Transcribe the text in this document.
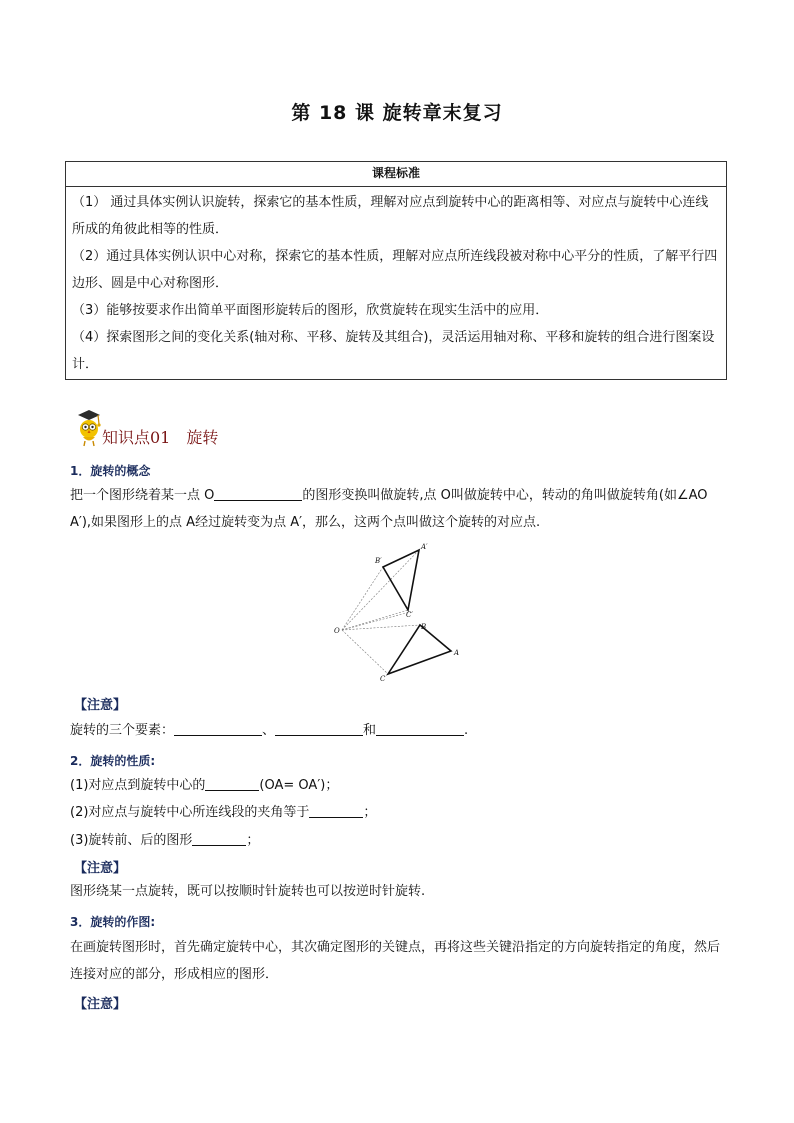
第 18 课 旋转章末复习
课程标准

（1） 通过具体实例认识旋转，探索它的基本性质，理解对应点到旋转中心的距离相等、对应点与旋转中心连线所成的角彼此相等的性质．

（2）通过具体实例认识中心对称，探索它的基本性质，理解对应点所连线段被对称中心平分的性质，了解平行四边形、圆是中心对称图形．

（3）能够按要求作出简单平面图形旋转后的图形，欣赏旋转在现实生活中的应用．

（4）探索图形之间的变化关系(轴对称、平移、旋转及其组合)，灵活运用轴对称、平移和旋转的组合进行图案设计．

知识点01 旋转
1．旋转的概念

把一个图形绕着某一点 O	的图形变换叫做旋转,点 O叫做旋转中心，转动的角叫做旋转角(如∠AO A′),如果图形上的点 A经过旋转变为点 A′，那么，这两个点叫做这个旋转的对应点.

O
A
B
C
A′
B′
C′
【注意】

旋转的三个要素：	、	和	.

2．旋转的性质:

(1)对应点到旋转中心的	(OA= OA′)；

(2)对应点与旋转中心所连线段的夹角等于	；

(3)旋转前、后的图形	；

【注意】

图形绕某一点旋转，既可以按顺时针旋转也可以按逆时针旋转.

3．旋转的作图:

在画旋转图形时，首先确定旋转中心，其次确定图形的关键点，再将这些关键沿指定的方向旋转指定的角度，然后连接对应的部分，形成相应的图形．

【注意】
